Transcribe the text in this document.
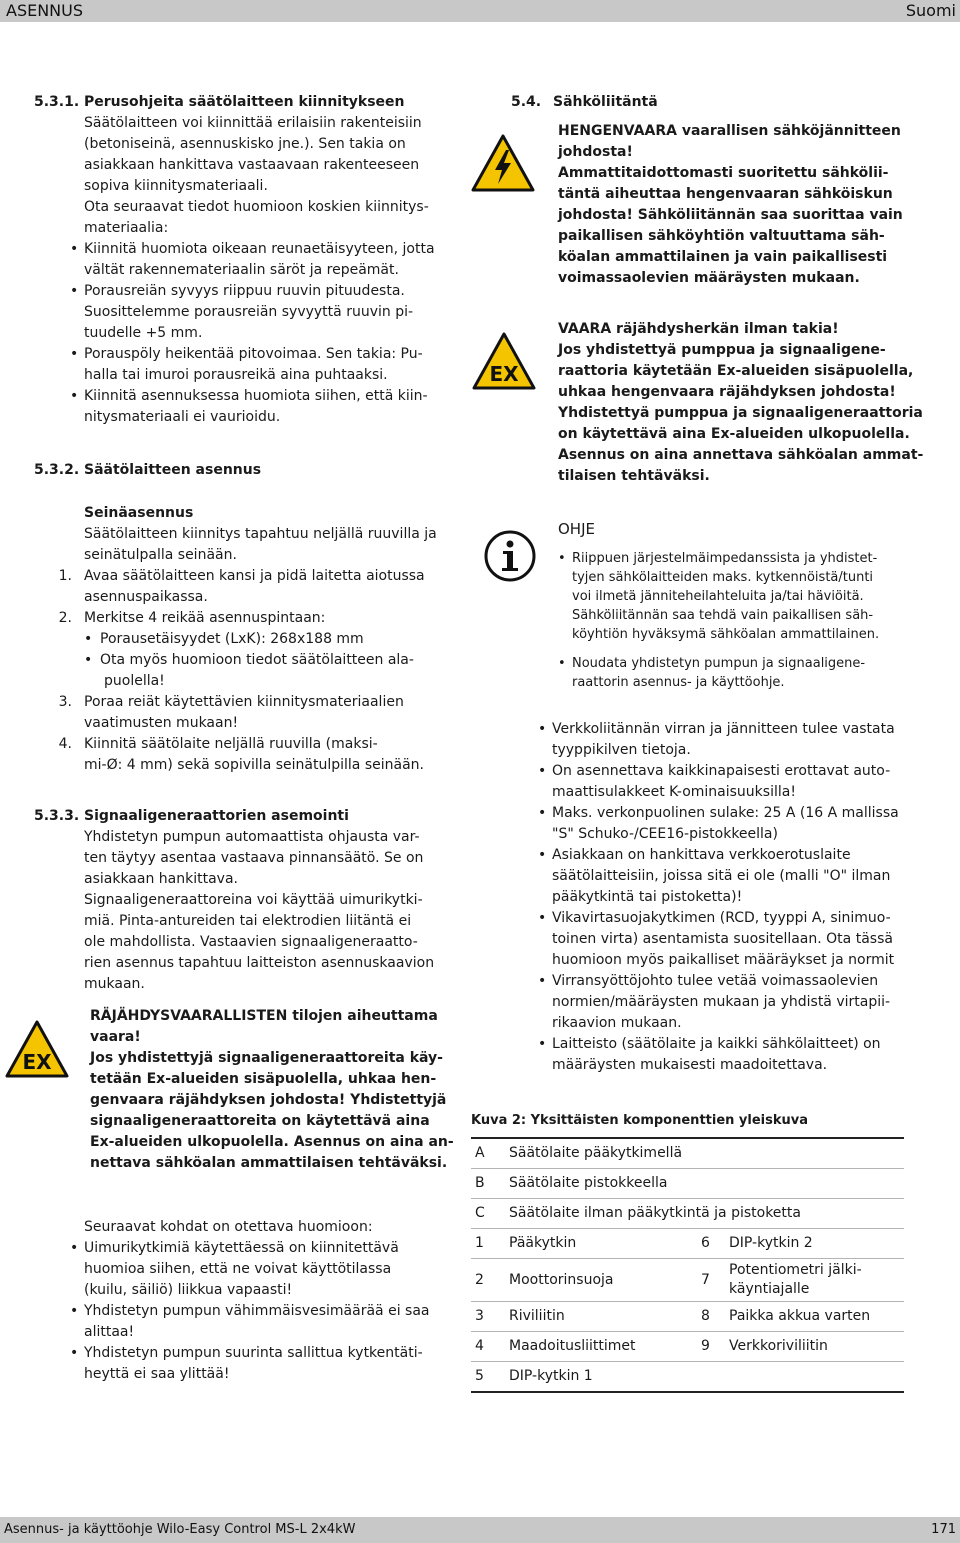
ASENNUS	Suomi
5.3.1. Perusohjeita säätölaitteen kiinnitykseen

Säätölaitteen voi kiinnittää erilaisiin rakenteisiin

(betoniseinä, asennuskisko jne.). Sen takia on

asiakkaan hankittava vastaavaan rakenteeseen

sopiva kiinnitysmateriaali.

Ota seuraavat tiedot huomioon koskien kiinnitys-

materiaalia:

• Kiinnitä huomiota oikeaan reunaetäisyyteen, jotta
vältät rakennemateriaalin säröt ja repeämät.
• Porausreiän syvyys riippuu ruuvin pituudesta.
Suosittelemme porausreiän syvyyttä ruuvin pi-
tuudelle +5 mm.
• Porauspöly heikentää pitovoimaa. Sen takia: Pu-
halla tai imuroi porausreikä aina puhtaaksi.
• Kiinnitä asennuksessa huomiota siihen, että kiin-
nitysmateriaali ei vaurioidu.
5.3.2. Säätölaitteen asennus

Seinäasennus

Säätölaitteen kiinnitys tapahtuu neljällä ruuvilla ja

seinätulpalla seinään.

1. Avaa säätölaitteen kansi ja pidä laitetta aiotussa
asennuspaikassa.
2. Merkitse 4 reikää asennuspintaan:
• Porausetäisyydet (LxK): 268x188 mm
• Ota myös huomioon tiedot säätölaitteen ala-
puolella!
3. Poraa reiät käytettävien kiinnitysmateriaalien
vaatimusten mukaan!
4. Kiinnitä säätölaite neljällä ruuvilla (maksi-
mi-Ø: 4 mm) sekä sopivilla seinätulpilla seinään.
5.3.3. Signaaligeneraattorien asemointi

Yhdistetyn pumpun automaattista ohjausta var-

ten täytyy asentaa vastaava pinnansäätö. Se on

asiakkaan hankittava.

Signaaligeneraattoreina voi käyttää uimurikytki-

miä. Pinta-antureiden tai elektrodien liitäntä ei

ole mahdollista. Vastaavien signaaligeneraatto-

rien asennus tapahtuu laitteiston asennuskaavion

mukaan.

EX

RÄJÄHDYSVAARALLISTEN tilojen aiheuttama

vaara!

Jos yhdistettyjä signaaligeneraattoreita käy-

tetään Ex-alueiden sisäpuolella, uhkaa hen-

genvaara räjähdyksen johdosta! Yhdistettyjä

signaaligeneraattoreita on käytettävä aina

Ex-alueiden ulkopuolella. Asennus on aina an-

nettava sähköalan ammattilaisen tehtäväksi.

Seuraavat kohdat on otettava huomioon:

• Uimurikytkimiä käytettäessä on kiinnitettävä
huomioa siihen, että ne voivat käyttötilassa
(kuilu, säiliö) liikkua vapaasti!
• Yhdistetyn pumpun vähimmäisvesimäärää ei saa
alittaa!
• Yhdistetyn pumpun suurinta sallittua kytkentäti-
heyttä ei saa ylittää!
5.4. Sähköliitäntä

HENGENVAARA vaarallisen sähköjännitteen

johdosta!

Ammattitaidottomasti suoritettu sähkölii-

täntä aiheuttaa hengenvaaran sähköiskun

johdosta! Sähköliitännän saa suorittaa vain

paikallisen sähköyhtiön valtuuttama säh-

köalan ammattilainen ja vain paikallisesti

voimassaolevien määräysten mukaan.

EX

VAARA räjähdysherkän ilman takia!

Jos yhdistettyä pumppua ja signaaligene-

raattoria käytetään Ex-alueiden sisäpuolella,

uhkaa hengenvaara räjähdyksen johdosta!

Yhdistettyä pumppua ja signaaligeneraattoria

on käytettävä aina Ex-alueiden ulkopuolella.

Asennus on aina annettava sähköalan ammat-

tilaisen tehtäväksi.

OHJE

• Riippuen järjestelmäimpedanssista ja yhdistet-
tyjen sähkölaitteiden maks. kytkennöistä/tunti
voi ilmetä jänniteheilahteluita ja/tai häviöitä.
Sähköliitännän saa tehdä vain paikallisen säh-
köyhtiön hyväksymä sähköalan ammattilainen.
• Noudata yhdistetyn pumpun ja signaaligene-
raattorin asennus- ja käyttöohje.
• Verkkoliitännän virran ja jännitteen tulee vastata
tyyppikilven tietoja.
• On asennettava kaikkinapaisesti erottavat auto-
maattisulakkeet K-ominaisuuksilla!
• Maks. verkonpuolinen sulake: 25 A (16 A mallissa
"S" Schuko-/CEE16-pistokkeella)
• Asiakkaan on hankittava verkkoerotuslaite
säätölaitteisiin, joissa sitä ei ole (malli "O" ilman
pääkytkintä tai pistoketta)!
• Vikavirtasuojakytkimen (RCD, tyyppi A, sinimuo-
toinen virta) asentamista suositellaan. Ota tässä
huomioon myös paikalliset määräykset ja normit
• Virransyöttöjohto tulee vetää voimassaolevien
normien/määräysten mukaan ja yhdistä virtapii-
rikaavion mukaan.
• Laitteisto (säätölaite ja kaikki sähkölaitteet) on
määräysten mukaisesti maadoitettava.

Kuva 2: Yksittäisten komponenttien yleiskuva

A	Säätölaite pääkytkimellä		
B	Säätölaite pistokkeella		
C	Säätölaite ilman pääkytkintä ja pistoketta		
1	Pääkytkin	6	DIP-kytkin 2

2	Moottorinsuoja	7	Potentiometri jälki-
käyntiajalle

3	Riviliitin	8	Paikka akkua varten

4	Maadoitusliittimet	9	Verkkoriviliitin

5	DIP-kytkin 1		
Asennus- ja käyttöohje Wilo-Easy Control MS-L 2x4kW	171
